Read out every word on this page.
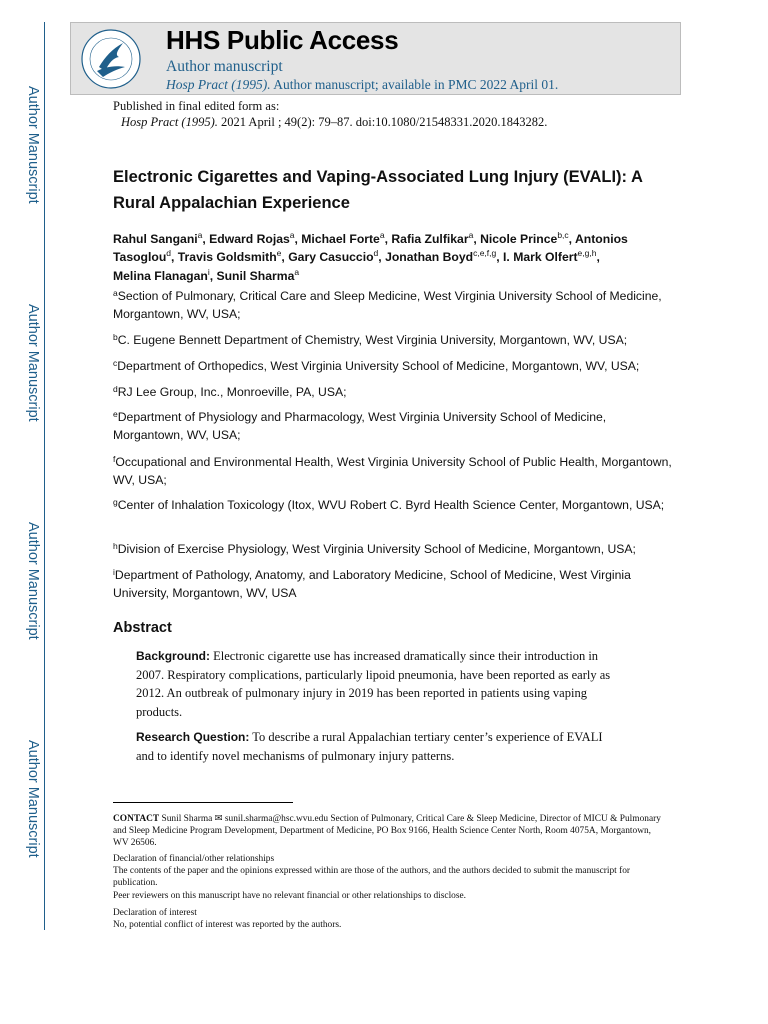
Author Manuscript
Author Manuscript
Author Manuscript
Author Manuscript
HHS Public Access
Author manuscript
Hosp Pract (1995). Author manuscript; available in PMC 2022 April 01.
Published in final edited form as:
Hosp Pract (1995). 2021 April ; 49(2): 79–87. doi:10.1080/21548331.2020.1843282.
Electronic Cigarettes and Vaping-Associated Lung Injury (EVALI): A Rural Appalachian Experience
Rahul Sangani$^a$, Edward Rojas$^a$, Michael Forte$^a$, Rafia Zulfikar$^a$, Nicole Prince$^{b,c}$, Antonios Tasoglou$^d$, Travis Goldsmith$^e$, Gary Casuccio$^d$, Jonathan Boyd$^{c,e,f,g}$, I. Mark Olfert$^{e,g,h}$,
Melina Flanagan$^i$, Sunil Sharma$^a$
$^a$Section of Pulmonary, Critical Care and Sleep Medicine, West Virginia University School of Medicine, Morgantown, WV, USA;
$^b$C. Eugene Bennett Department of Chemistry, West Virginia University, Morgantown, WV, USA;
$^c$Department of Orthopedics, West Virginia University School of Medicine, Morgantown, WV, USA;
$^d$RJ Lee Group, Inc., Monroeville, PA, USA;
$^e$Department of Physiology and Pharmacology, West Virginia University School of Medicine, Morgantown, WV, USA;
$^f$Occupational and Environmental Health, West Virginia University School of Public Health, Morgantown, WV, USA;
$^g$Center of Inhalation Toxicology (Itox, WVU Robert C. Byrd Health Science Center, Morgantown, USA;
$^h$Division of Exercise Physiology, West Virginia University School of Medicine, Morgantown, USA;
$^i$Department of Pathology, Anatomy, and Laboratory Medicine, School of Medicine, West Virginia University, Morgantown, WV, USA
Abstract
Background: Electronic cigarette use has increased dramatically since their introduction in 2007. Respiratory complications, particularly lipoid pneumonia, have been reported as early as 2012. An outbreak of pulmonary injury in 2019 has been reported in patients using vaping products.
Research Question: To describe a rural Appalachian tertiary center’s experience of EVALI and to identify novel mechanisms of pulmonary injury patterns.
CONTACT Sunil Sharma ✉ sunil.sharma@hsc.wvu.edu Section of Pulmonary, Critical Care & Sleep Medicine, Director of MICU & Pulmonary and Sleep Medicine Program Development, Department of Medicine, PO Box 9166, Health Science Center North, Room 4075A, Morgantown, WV 26506.
Declaration of financial/other relationships
The contents of the paper and the opinions expressed within are those of the authors, and the authors decided to submit the manuscript for publication.
Peer reviewers on this manuscript have no relevant financial or other relationships to disclose.
Declaration of interest
No, potential conflict of interest was reported by the authors.
